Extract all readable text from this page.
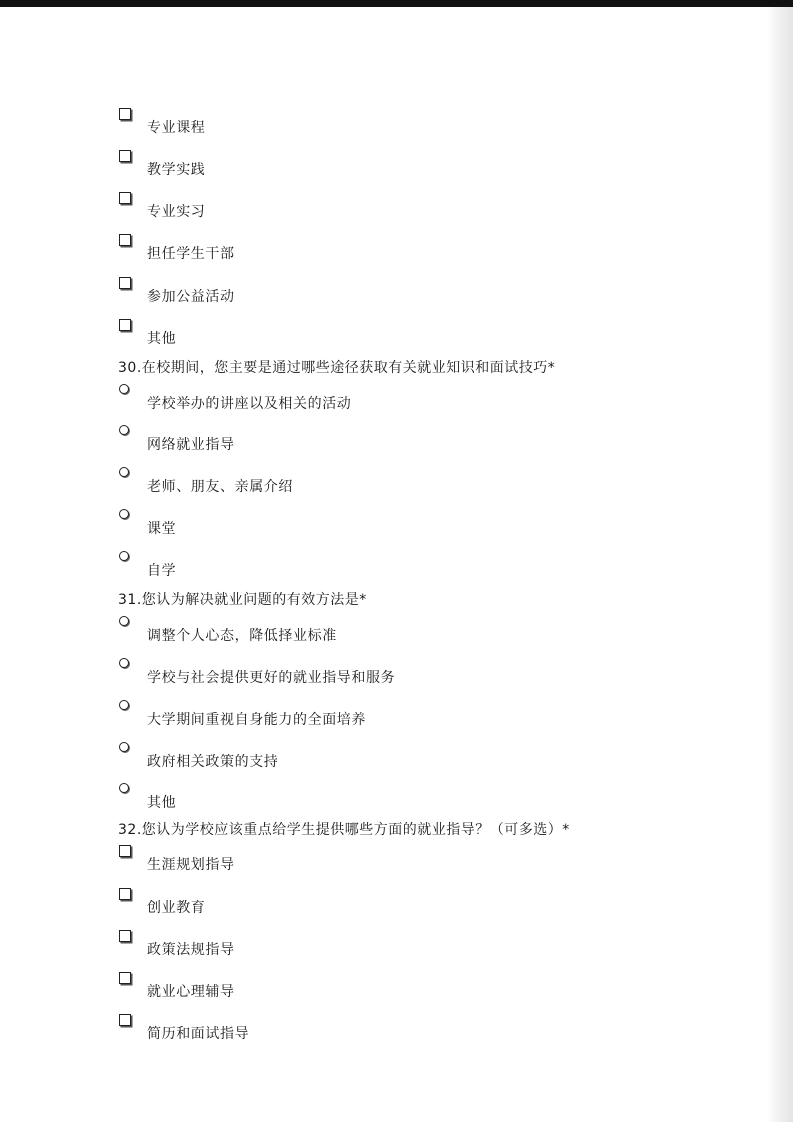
专业课程
教学实践
专业实习
担任学生干部
参加公益活动
其他
30.在校期间，您主要是通过哪些途径获取有关就业知识和面试技巧*
学校举办的讲座以及相关的活动
网络就业指导
老师、朋友、亲属介绍
课堂
自学
31.您认为解决就业问题的有效方法是*
调整个人心态，降低择业标准
学校与社会提供更好的就业指导和服务
大学期间重视自身能力的全面培养
政府相关政策的支持
其他
32.您认为学校应该重点给学生提供哪些方面的就业指导？（可多选）*
生涯规划指导
创业教育
政策法规指导
就业心理辅导
简历和面试指导
